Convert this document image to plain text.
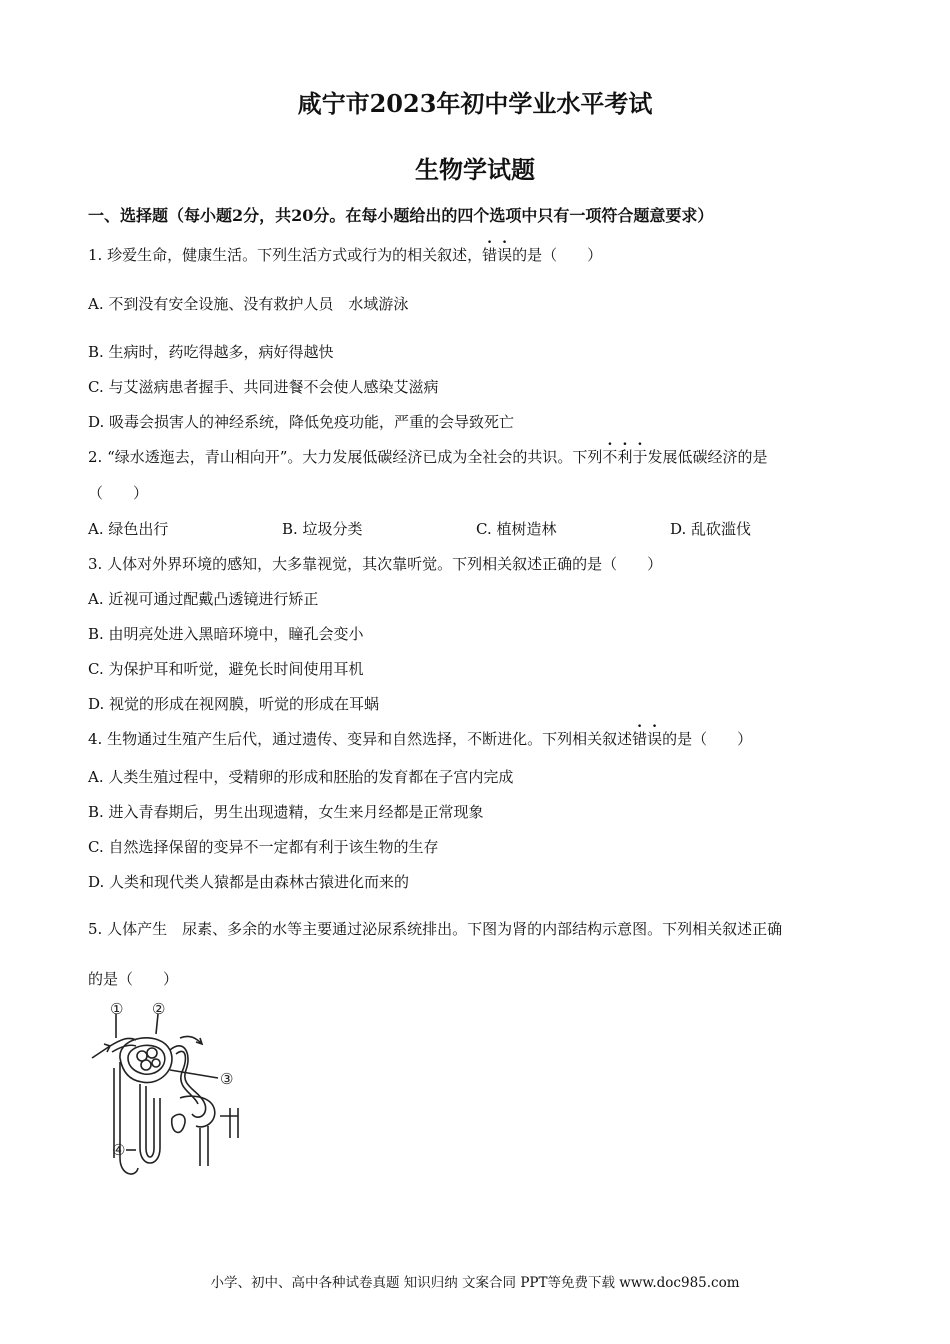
咸宁市2023年初中学业水平考试
生物学试题
一、选择题（每小题2分，共20分。在每小题给出的四个选项中只有一项符合题意要求）
1. 珍爱生命，健康生活。下列生活方式或行为的相关叙述，错误的是（　　）
A. 不到没有安全设施、没有救护人员　水域游泳
B. 生病时，药吃得越多，病好得越快
C. 与艾滋病患者握手、共同进餐不会使人感染艾滋病
D. 吸毒会损害人的神经系统，降低免疫功能，严重的会导致死亡
2. “绿水透迤去，青山相向开”。大力发展低碳经济已成为全社会的共识。下列不利于发展低碳经济的是
（　　）
A. 绿色出行	B. 垃圾分类	C. 植树造林	D. 乱砍滥伐
3. 人体对外界环境的感知，大多靠视觉，其次靠听觉。下列相关叙述正确的是（　　）
A. 近视可通过配戴凸透镜进行矫正
B. 由明亮处进入黑暗环境中，瞳孔会变小
C. 为保护耳和听觉，避免长时间使用耳机
D. 视觉的形成在视网膜，听觉的形成在耳蜗
4. 生物通过生殖产生后代，通过遗传、变异和自然选择，不断进化。下列相关叙述错误的是（　　）
A. 人类生殖过程中，受精卵的形成和胚胎的发育都在子宫内完成
B. 进入青春期后，男生出现遗精，女生来月经都是正常现象
C. 自然选择保留的变异不一定都有利于该生物的生存
D. 人类和现代类人猿都是由森林古猿进化而来的
5. 人体产生　尿素、多余的水等主要通过泌尿系统排出。下图为肾的内部结构示意图。下列相关叙述正确
的是（　　）
① ②
③
④
小学、初中、高中各种试卷真题 知识归纳 文案合同 PPT等免费下载 www.doc985.com
